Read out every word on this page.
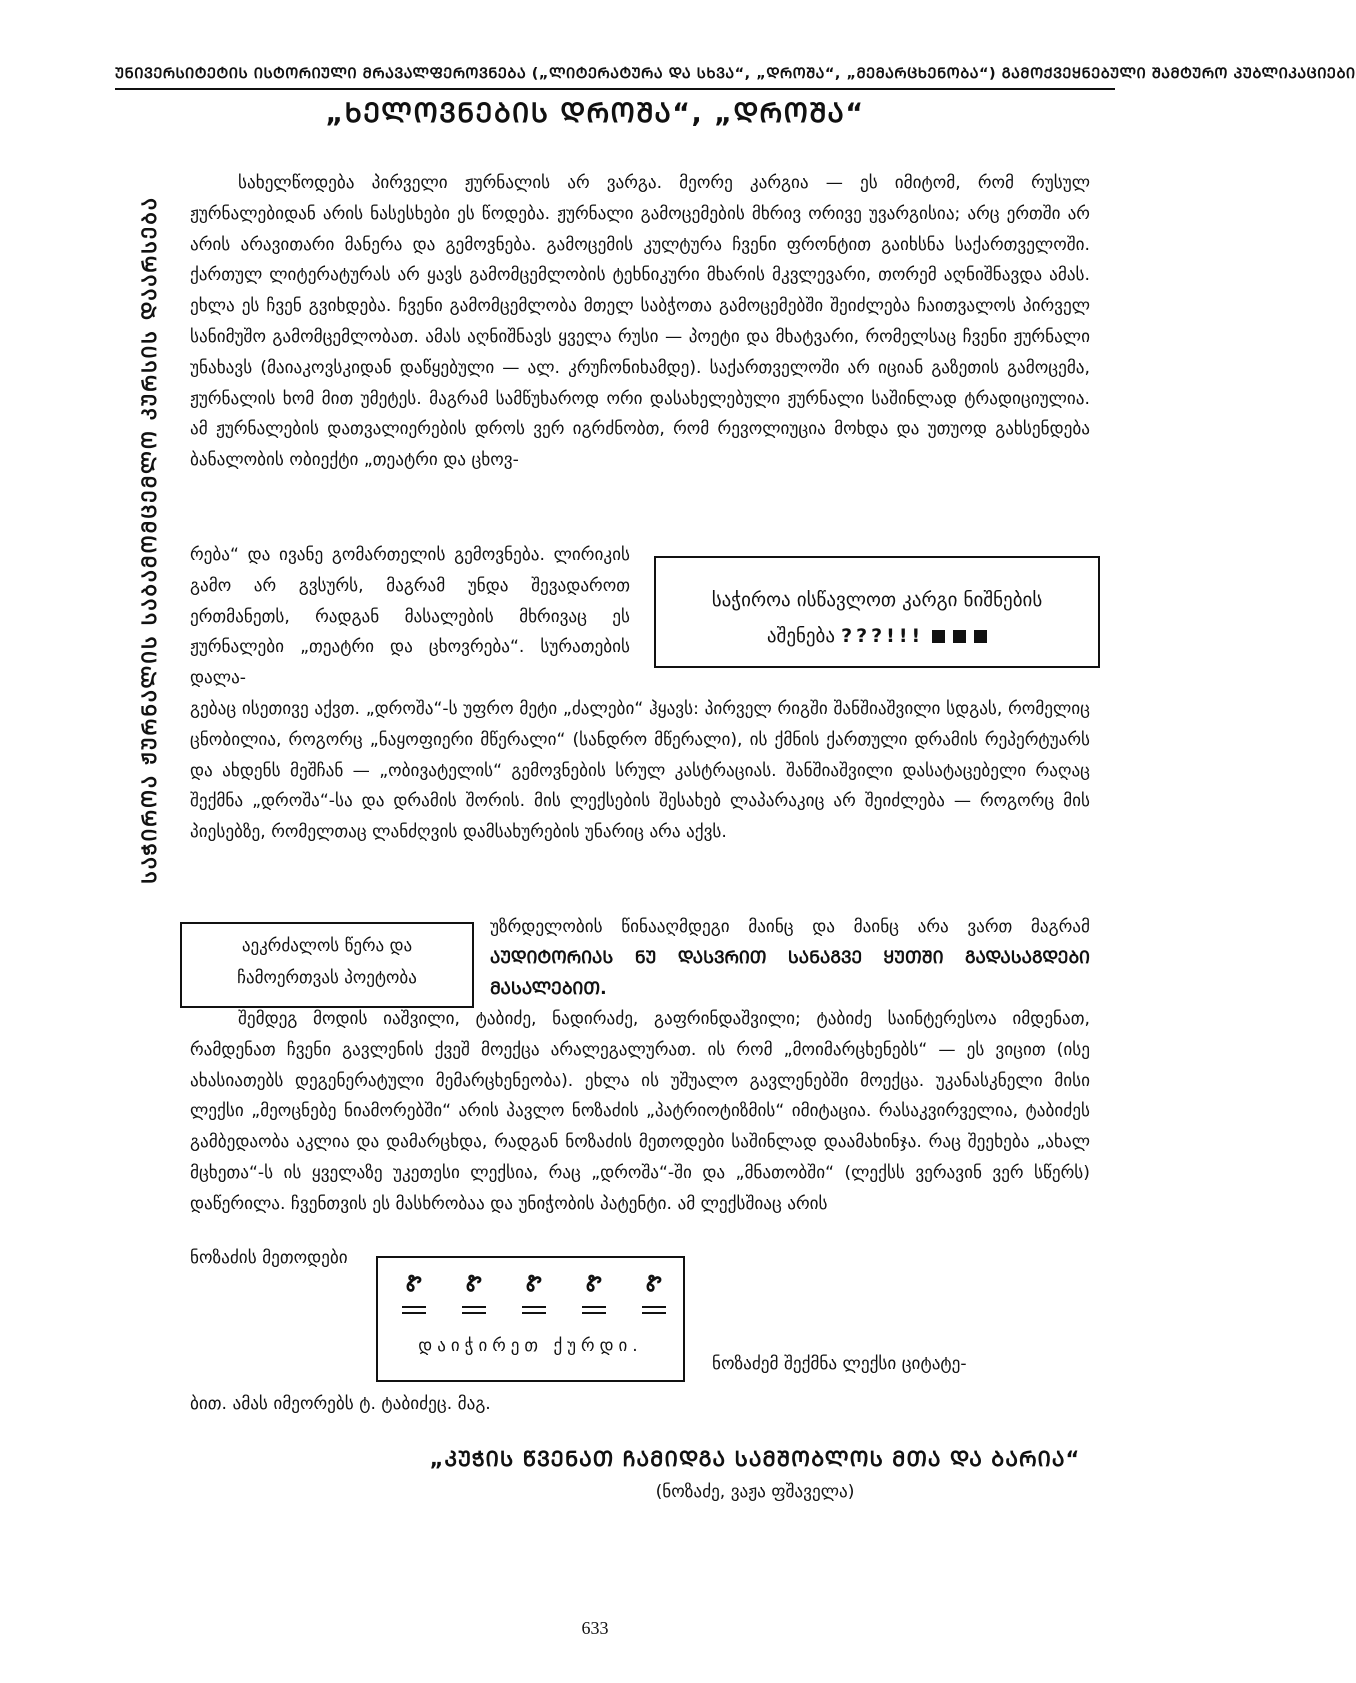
ᲣᲜᲘᲕᲔᲠᲡᲘᲢᲔᲢᲘᲡ ᲘᲡᲢᲝᲠᲘᲣᲚᲘ ᲛᲠᲐᲕᲐᲚᲤᲔᲠᲝᲕᲜᲔᲑᲐ („ᲚᲘᲢᲔᲠᲐᲢᲣᲠᲐ ᲓᲐ ᲡᲮᲕᲐ“, „ᲓᲠᲝᲨᲐ“, „ᲛᲔᲛᲐᲠᲪᲮᲔᲜᲝᲑᲐ“) ᲒᲐᲛᲝᲥᲕᲔᲧᲜᲔᲑᲣᲚᲘ ᲨᲐᲛᲢᲣᲠᲝ ᲞᲣᲑᲚᲘᲙᲐᲪᲘᲔᲑᲘ
„ᲮᲔᲚᲝᲕᲜᲔᲑᲘᲡ ᲓᲠᲝᲨᲐ“, „ᲓᲠᲝᲨᲐ“
ᲡᲐᲭᲘᲠᲝᲐ ᲟᲣᲠᲜᲐᲚᲘᲡ ᲡᲐᲑᲐᲛᲝᲛᲪᲔᲛᲚᲝ ᲙᲣᲠᲡᲘᲡ ᲓᲐᲐᲠᲡᲔᲑᲐ

სახელწოდება პირველი ჟურნალის არ ვარგა. მეორე კარგია — ეს იმიტომ, რომ რუსულ ჟურნალებიდან არის ნასესხები ეს წოდება. ჟურნალი გამოცემების მხრივ ორივე უვარგისია; არც ერთში არ არის არავითარი მანერა და გემოვნება. გამოცემის კულტურა ჩვენი ფრონტით გაიხსნა საქართველოში. ქართულ ლიტერატურას არ ყავს გამომცემლობის ტეხნიკური მხარის მკვლევარი, თორემ აღნიშნავდა ამას. ეხლა ეს ჩვენ გვიხდება. ჩვენი გამომცემლობა მთელ საბჭოთა გამოცემებში შეიძლება ჩაითვალოს პირველ სანიმუშო გამომცემლობათ. ამას აღნიშნავს ყველა რუსი — პოეტი და მხატვარი, რომელსაც ჩვენი ჟურნალი უნახავს (მაიაკოვსკიდან დაწყებული — ალ. კრუჩონიხამდე). საქართველოში არ იციან გაზეთის გამოცემა, ჟურნალის ხომ მით უმეტეს. მაგრამ სამწუხაროდ ორი დასახელებული ჟურნალი საშინლად ტრადიციულია. ამ ჟურნალების დათვალიერების დროს ვერ იგრძნობთ, რომ რევოლიუცია მოხდა და უთუოდ გახსენდება ბანალობის ობიექტი „თეატრი და ცხოვ-

რება“ და ივანე გომართელის გემოვნება. ლირიკის გამო არ გვსურს, მაგრამ უნდა შევადაროთ ერთმანეთს, რადგან მასალების მხრივაც ეს ჟურნალები „თეატრი და ცხოვრება“. სურათების დალა-

საჭიროა ისწავლოთ კარგი ნიშნების
აშენება ???!!!

გებაც ისეთივე აქვთ. „დროშა“-ს უფრო მეტი „ძალები“ ჰყავს: პირველ რიგში შანშიაშვილი სდგას, რომელიც ცნობილია, როგორც „ნაყოფიერი მწერალი“ (სანდრო მწერალი), ის ქმნის ქართული დრამის რეპერტუარს და ახდენს მეშჩან — „ობივატელის“ გემოვნების სრულ კასტრაციას. შანშიაშვილი დასატაცებელი რაღაც შექმნა „დროშა“-სა და დრამის შორის. მის ლექსების შესახებ ლაპარაკიც არ შეიძლება — როგორც მის პიესებზე, რომელთაც ლანძღვის დამსახურების უნარიც არა აქვს.

აეკრძალოს წერა და
ჩამოერთვას პოეტობა

უზრდელობის წინააღმდეგი მაინც და მაინც არა ვართ მაგრამ ᲐᲣᲓᲘᲢᲝᲠᲘᲐᲡ ᲜᲣ ᲓᲐᲡᲕᲠᲘᲗ ᲡᲐᲜᲐᲒᲕᲔ ᲧᲣᲗᲨᲘ ᲒᲐᲓᲐᲡᲐᲒᲓᲔᲑᲘ ᲛᲐᲡᲐᲚᲔᲑᲘᲗ.

შემდეგ მოდის იაშვილი, ტაბიძე, ნადირაძე, გაფრინდაშვილი; ტაბიძე საინტერესოა იმდენათ, რამდენათ ჩვენი გავლენის ქვეშ მოექცა არალეგალურათ. ის რომ „მოიმარცხენებს“ — ეს ვიცით (ისე ახასიათებს დეგენერატული მემარცხენეობა). ეხლა ის უშუალო გავლენებში მოექცა. უკანასკნელი მისი ლექსი „მეოცნებე ნიამორებში“ არის პავლო ნოზაძის „პატრიოტიზმის“ იმიტაცია. რასაკვირველია, ტაბიძეს გამბედაობა აკლია და დამარცხდა, რადგან ნოზაძის მეთოდები საშინლად დაამახინჯა. რაც შეეხება „ახალ მცხეთა“-ს ის ყველაზე უკეთესი ლექსია, რაც „დროშა“-ში და „მნათობში“ (ლექსს ვერავინ ვერ სწერს) დაწერილა. ჩვენთვის ეს მასხრობაა და უნიჭობის პატენტი. ამ ლექსშიაც არის

ნოზაძის მეთოდები
Ꮡ	Ꮡ	Ꮡ	Ꮡ	Ꮡ
დაიჭირეთ ქურდი.
ნოზაძემ შექმნა ლექსი ციტატე-
ბით. ამას იმეორებს ტ. ტაბიძეც. მაგ.
„ᲙᲣᲭᲘᲡ ᲬᲕᲔᲜᲐᲗ ᲩᲐᲛᲘᲓᲒᲐ ᲡᲐᲛᲨᲝᲑᲚᲝᲡ ᲛᲗᲐ ᲓᲐ ᲑᲐᲠᲘᲐ“
(ნოზაძე, ვაჟა ფშაველა)
633
